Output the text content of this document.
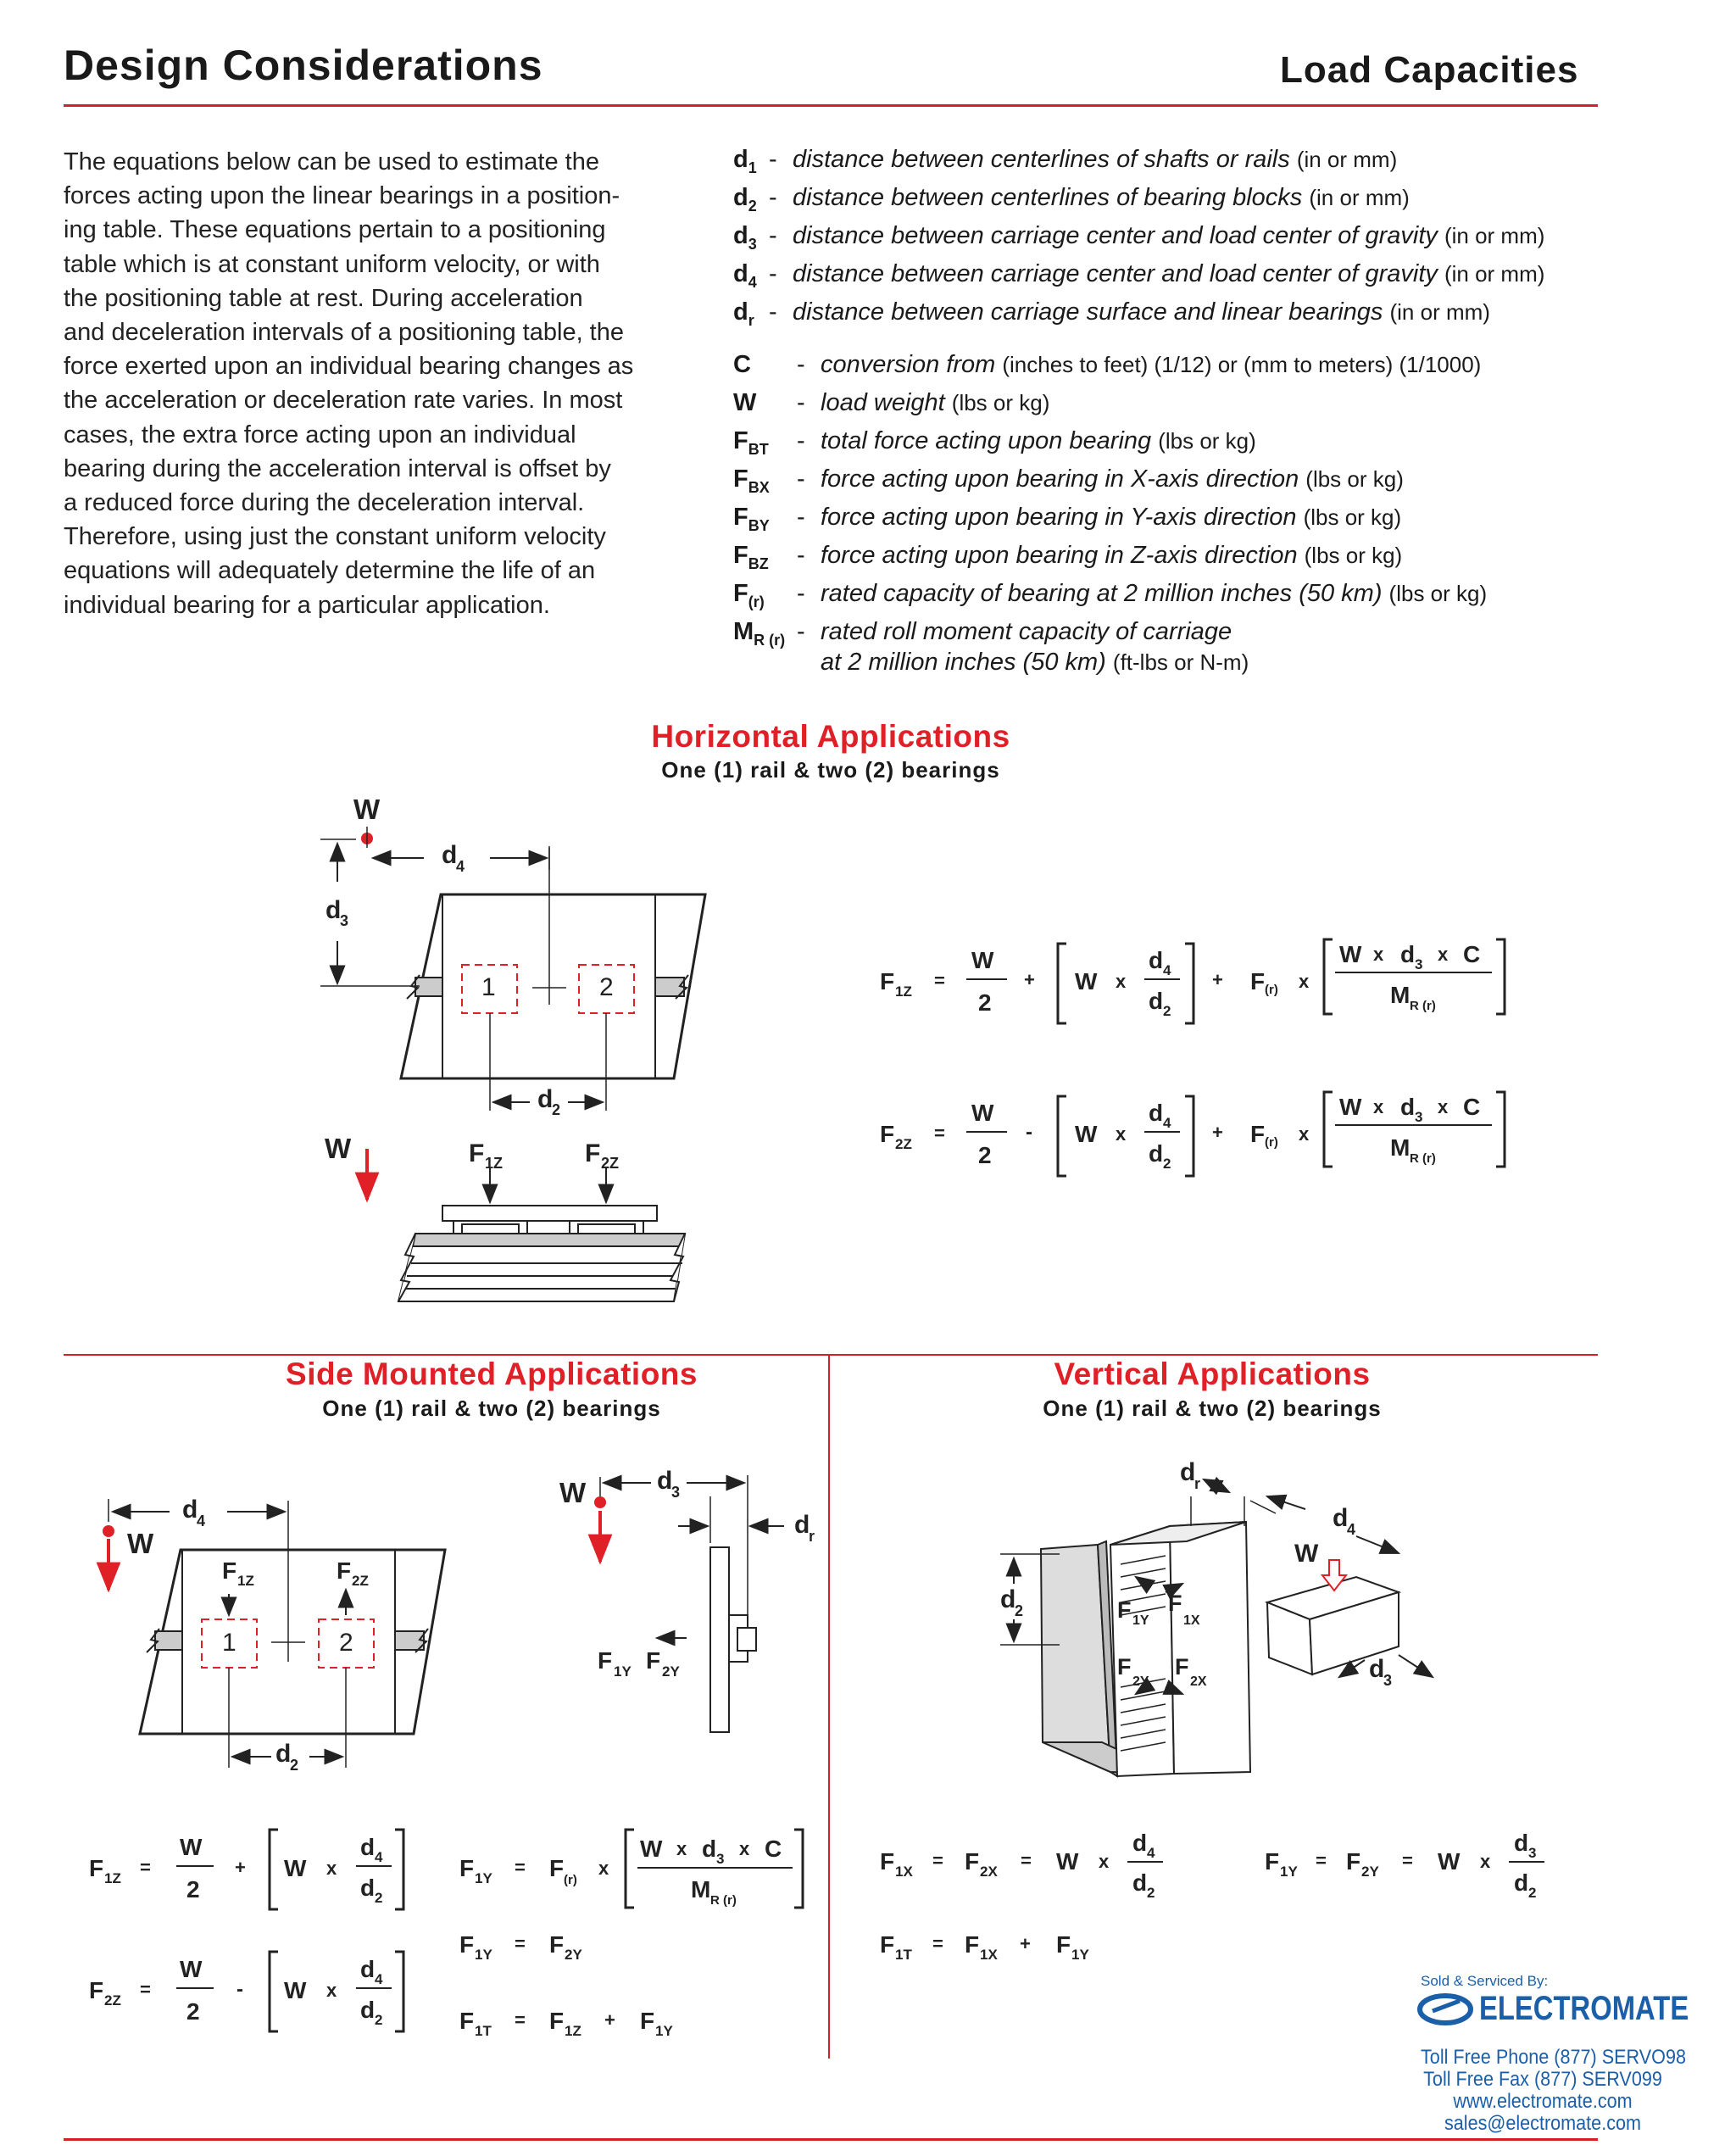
Design Considerations	Load Capacities
The equations below can be used to estimate the
forces acting upon the linear bearings in a position-
ing table. These equations pertain to a positioning
table which is at constant uniform velocity, or with
the positioning table at rest. During acceleration
and deceleration intervals of a positioning table, the
force exerted upon an individual bearing changes as
the acceleration or deceleration rate varies. In most
cases, the extra force acting upon an individual
bearing during the acceleration interval is offset by
a reduced force during the deceleration interval.
Therefore, using just the constant uniform velocity
equations will adequately determine the life of an
individual bearing for a particular application.
$d_1$ - distance between centerlines of shafts or rails (in or mm)
$d_2$ - distance between centerlines of bearing blocks (in or mm)
$d_3$ - distance between carriage center and load center of gravity (in or mm)
$d_4$ - distance between carriage center and load center of gravity (in or mm)
$d_r$ - distance between carriage surface and linear bearings (in or mm)
C - conversion from (inches to feet) (1/12) or (mm to meters) (1/1000)
W - load weight (lbs or kg)
$F_{BT}$ - total force acting upon bearing (lbs or kg)
$F_{BX}$ - force acting upon bearing in X-axis direction (lbs or kg)
$F_{BY}$ - force acting upon bearing in Y-axis direction (lbs or kg)
$F_{BZ}$ - force acting upon bearing in Z-axis direction (lbs or kg)
$F_{(r)}$ - rated capacity of bearing at 2 million inches (50 km) (lbs or kg)
$M_{R (r)}$ - rated roll moment capacity of carriage
at 2 million inches (50 km) (ft-lbs or N-m)
Horizontal Applications
One (1) rail & two (2) bearings
Side Mounted Applications
One (1) rail & two (2) bearings
Vertical Applications
One (1) rail & two (2) bearings
W
d
4
d
3
d
2
1	2
W	F 1Z	F 2Z
F 1Z
=
W
2
+ W x
d 4
d 2
+ F (r) x
W x d 3 x C
M R (r)
F 2Z
=
W
2
- W x
d 4
d 2
+ F (r) x
W x d 3 x C
M R (r)
d
4
W
F 1Z	F 2Z
d
2
1	2
W	d
3
d
r
F 1Y F 2Y
F 1Z
=
W
2
+ W x
d 4
d 2
F 2Z
=
W
2
- W x
d 4
d 2
F 1Y
= F (r)
x
W x d 3 x C
M R (r)
F 1Y
= F 2Y
F 1T
= F 1Z
+ F 1Y
d
r
d
4
W
d
2
d
3
F 1Y
F
1X
F
2Y
F
2X
F 1X
= F 2X
= W x
d 4
d 2
F 1Y
= F 2Y
= W x
d 3
d 2
F 1T
= F 1X
+ F 1Y
Sold & Serviced By:
ELECTROMATE
Toll Free Phone (877) SERVO98
Toll Free Fax (877) SERV099
www.electromate.com
sales@electromate.com
